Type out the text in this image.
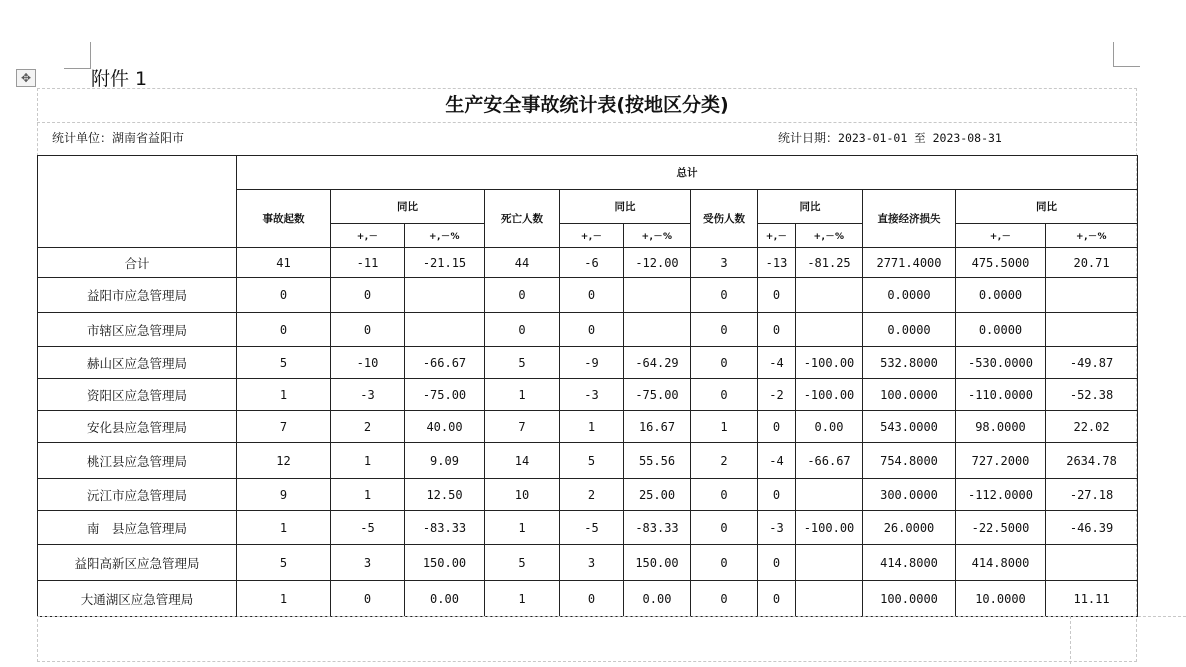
✥	附件 1
生产安全事故统计表(按地区分类)
统计单位：湖南省益阳市	统计日期：2023-01-01 至 2023-08-31
	总计											
	事故起数	同比		死亡人数	同比		受伤人数	同比		直接经济损失	同比	
		+,－	+,－%		+,－	+,－%		+,－	+,－%		+,－	+,－%
合计	41	-11	-21.15	44	-6	-12.00	3	-13	-81.25	2771.4000	475.5000	20.71
益阳市应急管理局	0	0		0	0		0	0		0.0000	0.0000	
市辖区应急管理局	0	0		0	0		0	0		0.0000	0.0000	
赫山区应急管理局	5	-10	-66.67	5	-9	-64.29	0	-4	-100.00	532.8000	-530.0000	-49.87
资阳区应急管理局	1	-3	-75.00	1	-3	-75.00	0	-2	-100.00	100.0000	-110.0000	-52.38
安化县应急管理局	7	2	40.00	7	1	16.67	1	0	0.00	543.0000	98.0000	22.02
桃江县应急管理局	12	1	9.09	14	5	55.56	2	-4	-66.67	754.8000	727.2000	2634.78
沅江市应急管理局	9	1	12.50	10	2	25.00	0	0		300.0000	-112.0000	-27.18
南　县应急管理局	1	-5	-83.33	1	-5	-83.33	0	-3	-100.00	26.0000	-22.5000	-46.39
益阳高新区应急管理局	5	3	150.00	5	3	150.00	0	0		414.8000	414.8000	
大通湖区应急管理局	1	0	0.00	1	0	0.00	0	0		100.0000	10.0000	11.11
